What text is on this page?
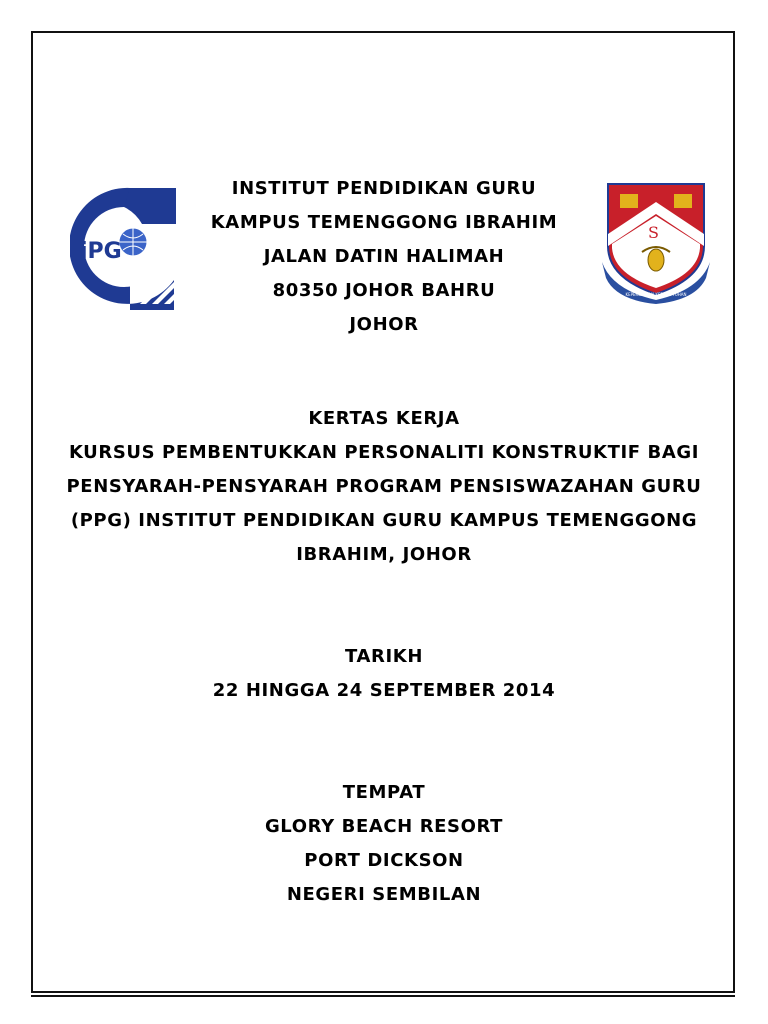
iPG
S
KEPERCAYAAN KEPADA TUHAN
INSTITUT PENDIDIKAN GURU
KAMPUS TEMENGGONG IBRAHIM
JALAN DATIN HALIMAH
80350 JOHOR BAHRU
JOHOR
KERTAS KERJA
KURSUS PEMBENTUKKAN PERSONALITI KONSTRUKTIF BAGI
PENSYARAH-PENSYARAH PROGRAM PENSISWAZAHAN GURU
(PPG) INSTITUT PENDIDIKAN GURU KAMPUS TEMENGGONG
IBRAHIM, JOHOR
TARIKH
22 HINGGA 24 SEPTEMBER 2014
TEMPAT
GLORY BEACH RESORT
PORT DICKSON
NEGERI SEMBILAN
